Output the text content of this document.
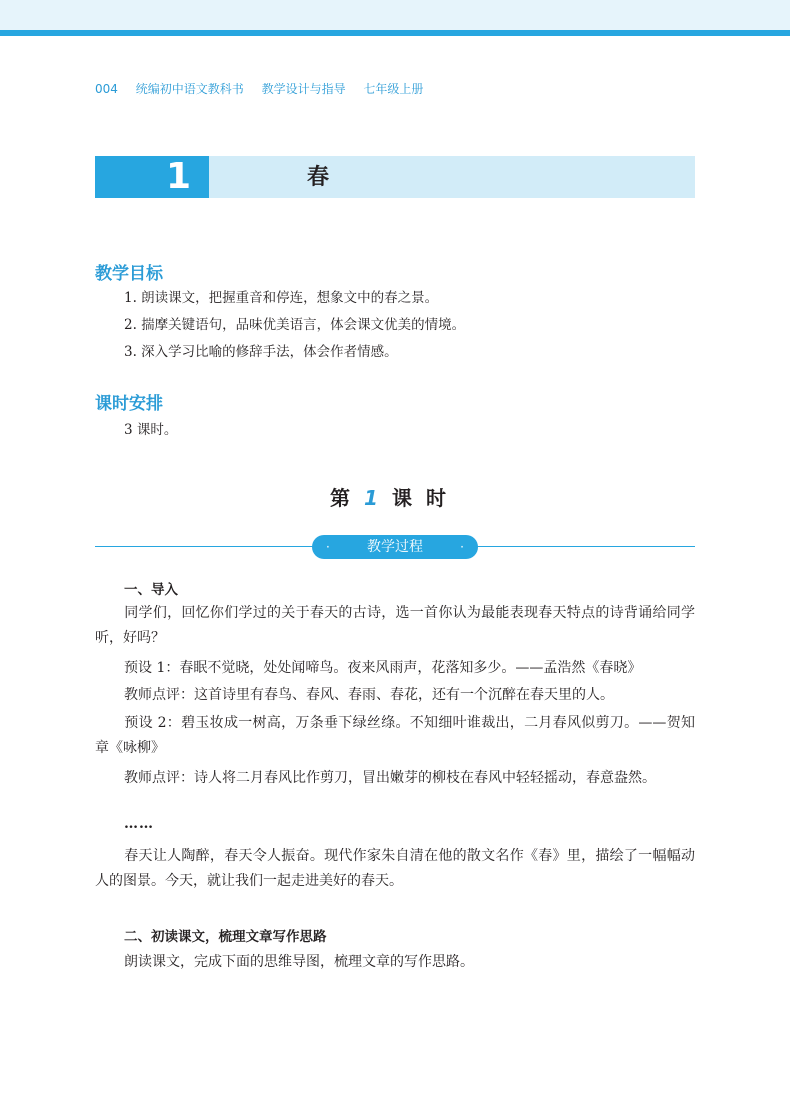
004 统编初中语文教科书 教学设计与指导 七年级上册
1	春
教学目标
1. 朗读课文，把握重音和停连，想象文中的春之景。
2. 揣摩关键语句，品味优美语言，体会课文优美的情境。
3. 深入学习比喻的修辞手法，体会作者情感。
课时安排
3 课时。
第1课时
·	教学过程	·
一、导入
同学们，回忆你们学过的关于春天的古诗，选一首你认为最能表现春天特点的诗背诵给同学听，好吗？
预设 1：春眠不觉晓，处处闻啼鸟。夜来风雨声，花落知多少。——孟浩然《春晓》
教师点评：这首诗里有春鸟、春风、春雨、春花，还有一个沉醉在春天里的人。
预设 2：碧玉妆成一树高，万条垂下绿丝绦。不知细叶谁裁出，二月春风似剪刀。——贺知章《咏柳》
教师点评：诗人将二月春风比作剪刀，冒出嫩芽的柳枝在春风中轻轻摇动，春意盎然。
……
春天让人陶醉，春天令人振奋。现代作家朱自清在他的散文名作《春》里，描绘了一幅幅动人的图景。今天，就让我们一起走进美好的春天。
二、初读课文，梳理文章写作思路
朗读课文，完成下面的思维导图，梳理文章的写作思路。
